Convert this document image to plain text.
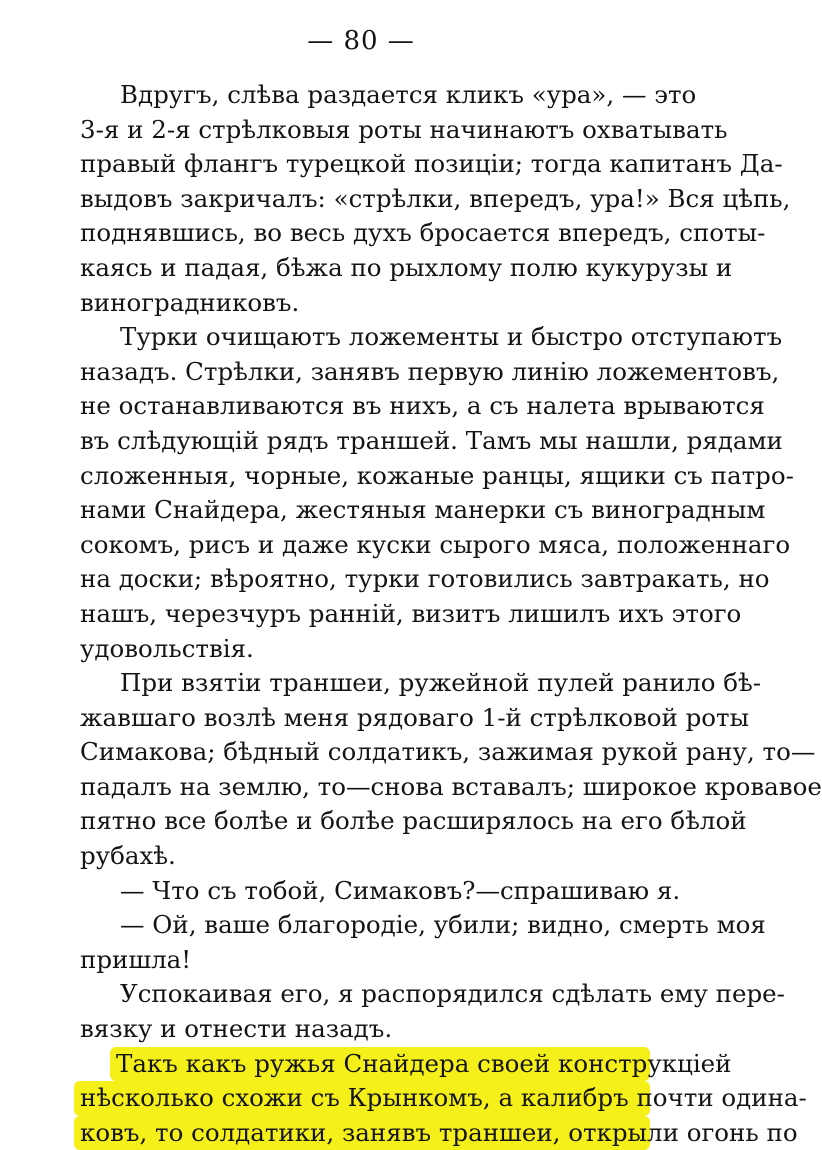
— 80 —
Вдругъ, слѣва раздается кликъ «ура», — это
3-я и 2-я стрѣлковыя роты начинаютъ охватывать
правый флангъ турецкой позиціи; тогда капитанъ Да-
выдовъ закричалъ: «стрѣлки, впередъ, ура!» Вся цѣпь,
поднявшись, во весь духъ бросается впередъ, споты-
каясь и падая, бѣжа по рыхлому полю кукурузы и
виноградниковъ.
Турки очищаютъ ложементы и быстро отступаютъ
назадъ. Стрѣлки, занявъ первую линію ложементовъ,
не останавливаются въ нихъ, а съ налета врываются
въ слѣдующій рядъ траншей. Тамъ мы нашли, рядами
сложенныя, чорные, кожаные ранцы, ящики съ патро-
нами Снайдера, жестяныя манерки съ виноградным
сокомъ, рисъ и даже куски сырого мяса, положеннаго
на доски; вѣроятно, турки готовились завтракать, но
нашъ, черезчуръ ранній, визитъ лишилъ ихъ этого
удовольствія.
При взятіи траншеи, ружейной пулей ранило бѣ-
жавшаго возлѣ меня рядоваго 1-й стрѣлковой роты
Симакова; бѣдный солдатикъ, зажимая рукой рану, то—
падалъ на землю, то—снова вставалъ; широкое кровавое
пятно все болѣе и болѣе расширялось на его бѣлой
рубахѣ.
— Что съ тобой, Симаковъ?—спрашиваю я.
— Ой, ваше благородіе, убили; видно, смерть моя
пришла!
Успокаивая его, я распорядился сдѣлать ему пере-
вязку и отнести назадъ.
Такъ какъ ружья Снайдера своей конструкціей
нѣсколько схожи съ Крынкомъ, а калибръ почти одина-
ковъ, то солдатики, занявъ траншеи, открыли огонь по
